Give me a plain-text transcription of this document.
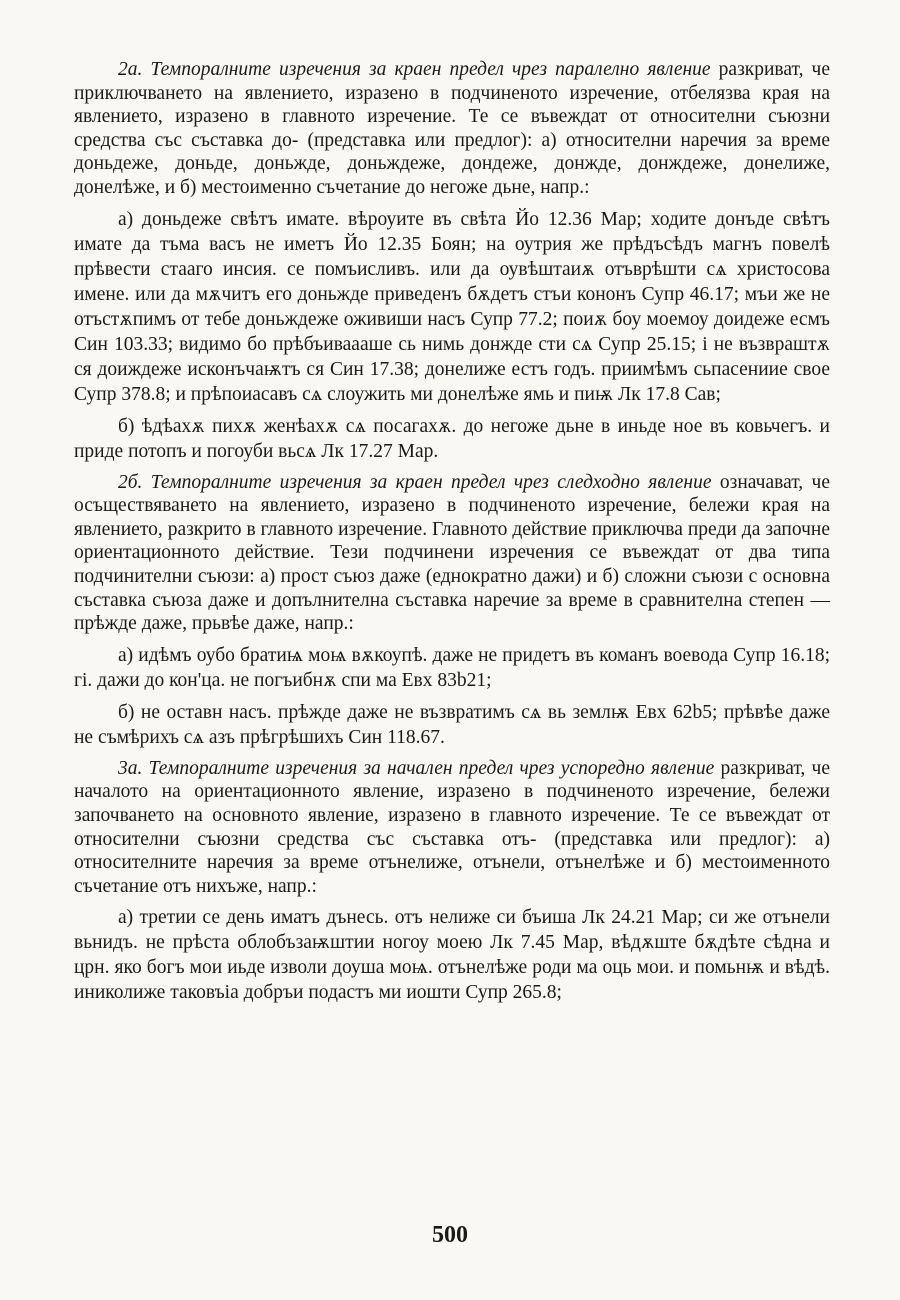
2а. Темпоралните изречения за краен предел чрез паралелно явление разкриват, че приключването на явлението, изразено в подчиненото изречение, отбелязва края на явлението, изразено в главното изречение. Те се въвеждат от относителни съюзни средства със съставка до- (представка или предлог): а) относителни наречия за време доньдеже, доньде, доньжде, доньждеже, дондеже, донжде, донждеже, донелиже, донелѣже, и б) местоименно съчетание до негоже дьне, напр.:

а) доньдеже свѣтъ имате. вѣроуите въ свѣта Йо 12.36 Мар; ходите донъде свѣтъ имате да тъма васъ не иметъ Йо 12.35 Боян; на оутрия же прѣдъсѣдъ магнъ повелѣ прѣвести стааго инсия. се помъисливъ. или да оувѣштаиѫ отъврѣшти сѧ христосова имене. или да мѫчитъ его доньжде приведенъ бѫдетъ стъи кононъ Супр 46.17; мъи же не отъстѫпимъ от тебе доньждеже оживиши насъ Супр 77.2; поиѫ боу моемоу доидеже есмъ Син 103.33; видимо бо прѣбъиваааше сь нимь донжде сти сѧ Супр 25.15; і не възвраштѫ ся доиждеже исконъчаѭтъ ся Син 17.38; донелиже естъ годъ. приимѣмъ сьпасениие свое Супр 378.8; и прѣпоиасавъ сѧ слоужить ми донелѣже ямь и пиѭ Лк 17.8 Сав;

б) ѣдѣахѫ пихѫ женѣахѫ сѧ посагахѫ. до негоже дьне в иньде ное въ ковьчегъ. и приде потопъ и погоуби вьсѧ Лк 17.27 Мар.

2б. Темпоралните изречения за краен предел чрез следходно явление означават, че осъществяването на явлението, изразено в подчиненото изречение, бележи края на явлението, разкрито в главното изречение. Главното действие приключва преди да започне ориентационното действие. Тези подчинени изречения се въвеждат от два типа подчинителни съюзи: а) прост съюз даже (еднократно дажи) и б) сложни съюзи с основна съставка съюза даже и допълнителна съставка наречие за време в сравнителна степен — прѣжде даже, прьвѣе даже, напр.:

а) идѣмъ оубо братиѩ моѩ вѫкоупѣ. даже не придетъ въ команъ воевода Супр 16.18; гі. дажи до кон'ца. не погъибнѫ спи ма Евх 83b21;

б) не оставн насъ. прѣжде даже не възвратимъ сѧ вь землѭ Евх 62b5; прѣвѣе даже не съмѣрихъ сѧ азъ прѣгрѣшихъ Син 118.67.

3а. Темпоралните изречения за начален предел чрез успоредно явление разкриват, че началото на ориентационното явление, изразено в подчиненото изречение, бележи започването на основното явление, изразено в главното изречение. Те се въвеждат от относителни съюзни средства със съставка отъ- (представка или предлог): а) относителните наречия за време отънелиже, отънели, отънелѣже и б) местоименното съчетание отъ нихъже, напр.:

а) третии се день иматъ дънесь. отъ нелиже си бъиша Лк 24.21 Мар; си же отънели вьнидъ. не прѣста облобъзаѭштии ногоу моею Лк 7.45 Мар, вѣдѫште бѫдѣте сѣдна и црн. яко богъ мои иьде изволи доуша моѩ. отънелѣже роди ма оць мои. и помьнѭ и вѣдѣ. иниколиже таковъіа добръи подастъ ми иошти Супр 265.8;

500
